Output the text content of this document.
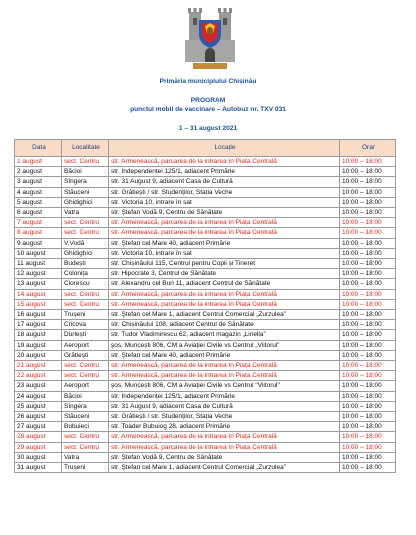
Primăria municipiului Chișinău
PROGRAM
punctul mobil de vaccinare – Autobuz nr. TXV 031
1 – 31 august 2021
Data	Localitate	Locație	Orar
1 august	sect. Centru	str. Armenească, parcarea de la intrarea în Piața Centrală	10:00 – 18:00
2 august	Băcioi	str. Independenței 125/1, adiacent Primărie	10:00 – 18:00
3 august	Sîngera	str. 31 August 9, adiacent Casa de Cultură	10:00 – 18:00
4 august	Stăuceni	str. Grătiești / str. Studenților, Stația Veche	10:00 – 18:00
5 august	Ghidighici	str. Victoria 10, intrare în sat	10:00 – 18:00
6 august	Vatra	str. Ștefan Vodă 9, Centru de Sănătate	10:00 – 18:00
7 august	sect. Centru	str. Armenească, parcarea de la intrarea în Piața Centrală	10:00 – 18:00
8 august	sect. Centru	str. Armenească, parcarea de la intrarea în Piața Centrală	10:00 – 18:00
9 august	V.Vodă	str. Ștefan cel Mare 40, adiacent Primărie	10:00 – 18:00
10 august	Ghidighici	str. Victoria 10, intrare în sat	10:00 – 18:00
11 august	Budești	str. Chișinăului 115, Centrul pentru Copii și Tineret	10:00 – 18:00
12 august	Colonița	str. Hipocrate 3, Centrul de Sănătate	10:00 – 18:00
13 august	Ciorescu	str. Alexandru cel Bun 11, adiacent Centrul de Sănătate	10:00 – 18:00
14 august	sect. Centru	str. Armenească, parcarea de la intrarea în Piața Centrală	10:00 – 18:00
15 august	sect. Centru	str. Armenească, parcarea de la intrarea în Piața Centrală	10:00 – 18:00
16 august	Truşeni	str. Ştefan cel Mare 1, adiacent Centrul Comercial „Zurzulea”	10:00 – 18:00
17 august	Cricova	str. Chișinăului 108, adiacent Centrul de Sănătate	10:00 – 18:00
18 august	Durlești	str. Tudor Vladimirescu 62, adiacent magazin „Linella”	10:00 – 18:00
19 august	Aeroport	șos. Muncești 806, CM a Aviației Civile vs Centrul „Viitorul”	10:00 – 18:00
20 august	Grătiești	str. Ștefan cel Mare 40, adiacent Primărie	10:00 – 18:00
21 august	sect. Centru	str. Armenească, parcarea de la intrarea în Piața Centrală	10:00 – 18:00
22 august	sect. Centru	str. Armenească, parcarea de la intrarea în Piața Centrală	10:00 – 18:00
23 august	Aeroport	șos. Muncești 806, CM a Aviației Civile vs Centrul "Viitorul"	10:00 – 18:00
24 august	Băcioi	str. Independenței 125/1, adiacent Primărie	10:00 – 18:00
25 august	Sîngera	str. 31 August 9, adiacent Casa de Cultură	10:00 – 18:00
26 august	Stăuceni	str. Grătiești / str. Studenților, Stația Veche	10:00 – 18:00
27 august	Bubuieci	str. Toader Bubuiog 28, adiacent Primărie	10:00 – 18:00
28 august	sect. Centru	str. Armenească, parcarea de la intrarea în Piața Centrală	10:00 – 18:00
29 august	sect. Centru	str. Armenească, parcarea de la intrarea în Piața Centrală	10:00 – 18:00
30 august	Vatra	str. Ștefan Vodă 9, Centru de Sănătate	10:00 – 18:00
31 august	Trușeni	str. Ştefan cel Mare 1, adiacent Centrul Comercial „Zurzulea”	10:00 – 18:00
